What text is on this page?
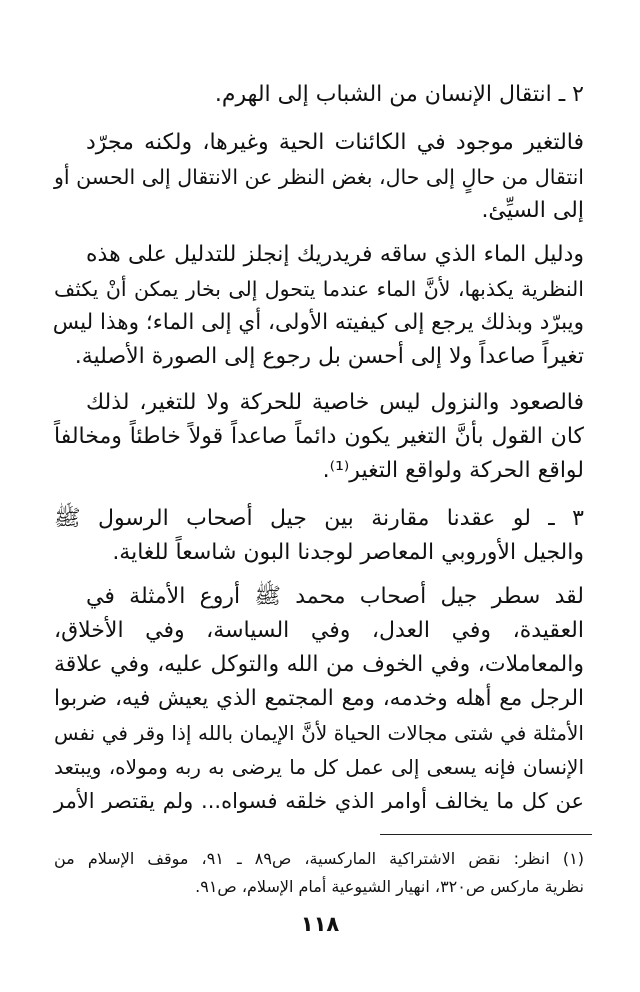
٢ ـ انتقال الإنسان من الشباب إلى الهرم.
فالتغير موجود في الكائنات الحية وغيرها، ولكنه مجرّد
انتقال من حالٍ إلى حال، بغض النظر عن الانتقال إلى الحسن أو
إلى السيِّئ.
ودليل الماء الذي ساقه فريدريك إنجلز للتدليل على هذه
النظرية يكذبها، لأنَّ الماء عندما يتحول إلى بخار يمكن أنْ يكثف
ويبرّد وبذلك يرجع إلى كيفيته الأولى، أي إلى الماء؛ وهذا ليس
تغيراً صاعداً ولا إلى أحسن بل رجوع إلى الصورة الأصلية.
فالصعود والنزول ليس خاصية للحركة ولا للتغير، لذلك
كان القول بأنَّ التغير يكون دائماً صاعداً قولاً خاطئاً ومخالفاً
لواقع الحركة ولواقع التغير⁽¹⁾.
٣ ـ لو عقدنا مقارنة بين جيل أصحاب الرسول ﷺ
والجيل الأوروبي المعاصر لوجدنا البون شاسعاً للغاية.
لقد سطر جيل أصحاب محمد ﷺ أروع الأمثلة في
العقيدة، وفي العدل، وفي السياسة، وفي الأخلاق،
والمعاملات، وفي الخوف من الله والتوكل عليه، وفي علاقة
الرجل مع أهله وخدمه، ومع المجتمع الذي يعيش فيه، ضربوا
الأمثلة في شتى مجالات الحياة لأنَّ الإيمان بالله إذا وقر في نفس
الإنسان فإنه يسعى إلى عمل كل ما يرضى به ربه ومولاه، ويبتعد
عن كل ما يخالف أوامر الذي خلقه فسواه... ولم يقتصر الأمر
(١) انظر: نقض الاشتراكية الماركسية، ص٨٩ ـ ٩١، موقف الإسلام من
نظرية ماركس ص٣٢٠، انهيار الشيوعية أمام الإسلام، ص٩١.
١١٨
